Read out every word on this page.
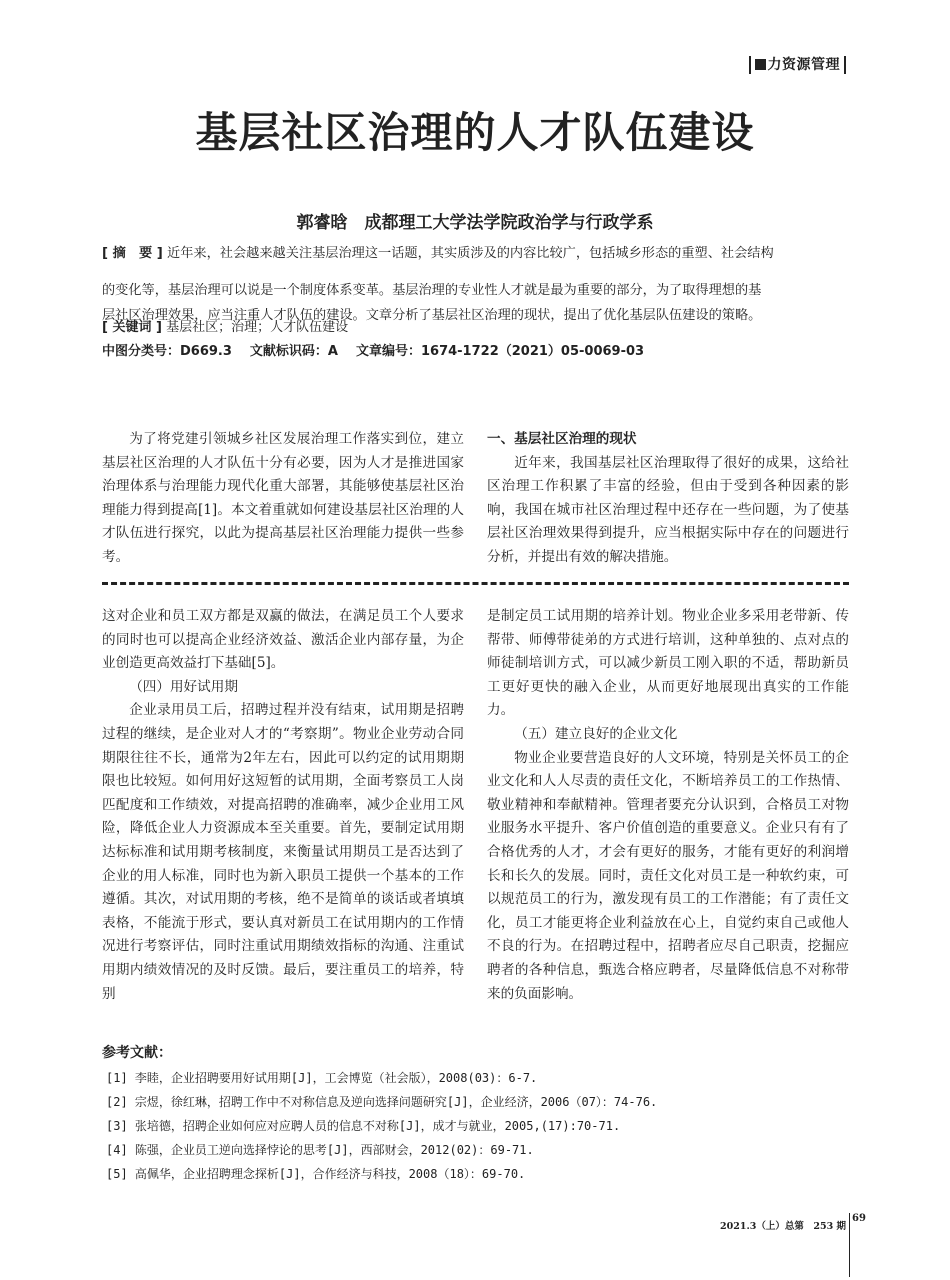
力资源管理
基层社区治理的人才队伍建设
郭睿晗　成都理工大学法学院政治学与行政学系
[ 摘　要 ] 近年来，社会越来越关注基层治理这一话题，其实质涉及的内容比较广，包括城乡形态的重塑、社会结构
的变化等，基层治理可以说是一个制度体系变革。基层治理的专业性人才就是最为重要的部分，为了取得理想的基
层社区治理效果，应当注重人才队伍的建设。文章分析了基层社区治理的现状，提出了优化基层队伍建设的策略。
[ 关键词 ] 基层社区；治理；人才队伍建设
中图分类号：D669.3 文献标识码：A 文章编号：1674-1722（2021）05-0069-03

为了将党建引领城乡社区发展治理工作落实到位，建立基层社区治理的人才队伍十分有必要，因为人才是推进国家治理体系与治理能力现代化重大部署，其能够使基层社区治理能力得到提高[1]。本文着重就如何建设基层社区治理的人才队伍进行探究，以此为提高基层社区治理能力提供一些参考。

一、基层社区治理的现状

近年来，我国基层社区治理取得了很好的成果，这给社区治理工作积累了丰富的经验，但由于受到各种因素的影响，我国在城市社区治理过程中还存在一些问题，为了使基层社区治理效果得到提升，应当根据实际中存在的问题进行分析，并提出有效的解决措施。

这对企业和员工双方都是双赢的做法，在满足员工个人要求的同时也可以提高企业经济效益、激活企业内部存量，为企业创造更高效益打下基础[5]。

（四）用好试用期

企业录用员工后，招聘过程并没有结束，试用期是招聘过程的继续，是企业对人才的“考察期”。物业企业劳动合同期限往往不长，通常为2年左右，因此可以约定的试用期期限也比较短。如何用好这短暂的试用期，全面考察员工人岗匹配度和工作绩效，对提高招聘的准确率，减少企业用工风险，降低企业人力资源成本至关重要。首先，要制定试用期达标标准和试用期考核制度，来衡量试用期员工是否达到了企业的用人标准，同时也为新入职员工提供一个基本的工作遵循。其次，对试用期的考核，绝不是简单的谈话或者填填表格，不能流于形式，要认真对新员工在试用期内的工作情况进行考察评估，同时注重试用期绩效指标的沟通、注重试用期内绩效情况的及时反馈。最后，要注重员工的培养，特别

是制定员工试用期的培养计划。物业企业多采用老带新、传帮带、师傅带徒弟的方式进行培训，这种单独的、点对点的师徒制培训方式，可以减少新员工刚入职的不适，帮助新员工更好更快的融入企业，从而更好地展现出真实的工作能力。

（五）建立良好的企业文化

物业企业要营造良好的人文环境，特别是关怀员工的企业文化和人人尽责的责任文化，不断培养员工的工作热情、敬业精神和奉献精神。管理者要充分认识到，合格员工对物业服务水平提升、客户价值创造的重要意义。企业只有有了合格优秀的人才，才会有更好的服务，才能有更好的利润增长和长久的发展。同时，责任文化对员工是一种软约束，可以规范员工的行为，激发现有员工的工作潜能；有了责任文化，员工才能更将企业利益放在心上，自觉约束自己或他人不良的行为。在招聘过程中，招聘者应尽自己职责，挖掘应聘者的各种信息，甄选合格应聘者，尽量降低信息不对称带来的负面影响。

参考文献：
[1] 李睦，企业招聘要用好试用期[J]，工会博览（社会版），2008(03)：6-7.
[2] 宗煜，徐红琳，招聘工作中不对称信息及逆向选择问题研究[J]，企业经济，2006（07）：74-76.
[3] 张培德，招聘企业如何应对应聘人员的信息不对称[J]，成才与就业，2005,(17):70-71.
[4] 陈强，企业员工逆向选择悖论的思考[J]，西部财会，2012(02)：69-71.
[5] 高佩华，企业招聘理念探析[J]，合作经济与科技，2008（18）：69-70.
2021.3（上）总第　253 期
69
